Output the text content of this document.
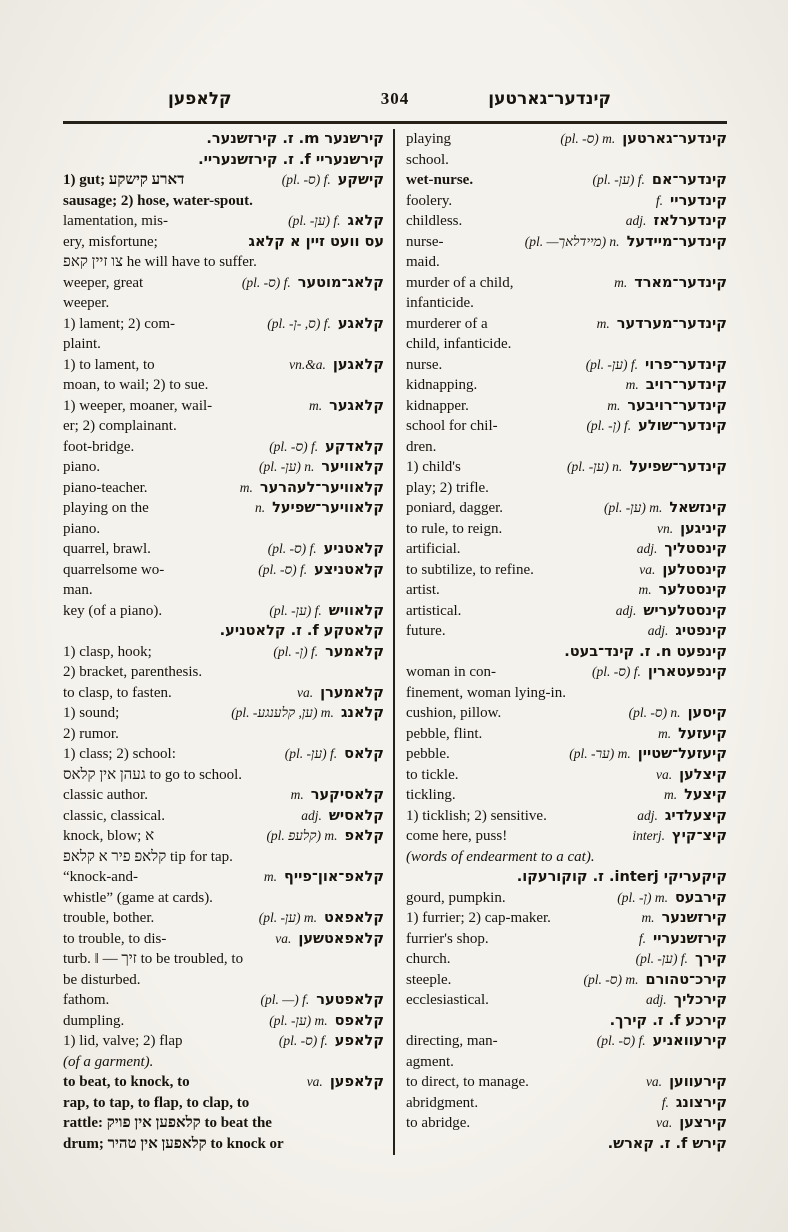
קלאפען	304	קינדער־גארטען
קירשנער m. ז. קירזשנער.
קירשנעריי f. ז. קירזשנעריי.
1) gut; דארע קישקע	(pl. -ס) f. קישקע
sausage; 2) hose, water-spout.
lamentation, mis-	(pl. -ען) f. קלאג
ery, misfortune;	עס וועט זיין א קלאג
צו זיין קאפ he will have to suffer.
weeper, great	(pl. -ס) f. קלאג־מוטער
weeper.
1) lament; 2) com-	(pl. -ס, -ן) f. קלאגע
plaint.
1) to lament, to	vn.&a. קלאגען
moan, to wail; 2) to sue.
1) weeper, moaner, wail-	m. קלאגער
er; 2) complainant.
foot-bridge.	(pl. -ס) f. קלאדקע
piano.	(pl. -ען) n. קלאוויער
piano-teacher.	m. קלאוויער־לעהרער
playing on the	n. קלאוויער־שפיעל
piano.
quarrel, brawl.	(pl. -ס) f. קלאטניע
quarrelsome wo-	(pl. -ס) f. קלאטניצע
man.
key (of a piano).	(pl. -ען) f. קלאוויש
קלאטקע f. ז. קלאטניע.
1) clasp, hook;	(pl. -ן) f. קלאמער
2) bracket, parenthesis.
to clasp, to fasten.	va. קלאמערן
1) sound;	(pl. -ען, קלענגע) m. קלאנג
2) rumor.
1) class; 2) school:	(pl. -ען) f. קלאס
געהן אין קלאס to go to school.
classic author.	m. קלאסיקער
classic, classical.	adj. קלאסיש
knock, blow; א	(pl. קלעפ) m. קלאפ
קלאפ פיר א קלאפ tip for tap.
“knock-and-	m. קלאפ־און־פייף
whistle” (game at cards).
trouble, bother.	(pl. -ען) m. קלאפאט
to trouble, to dis-	va. קלאפאטשען
turb. ‖ — זיך to be troubled, to
be disturbed.
fathom.	(pl. —) f. קלאפטער
dumpling.	(pl. -ען) m. קלאפס
1) lid, valve; 2) flap	(pl. -ס) f. קלאפע
(of a garment).
to beat, to knock, to	va. קלאפען
rap, to tap, to flap, to clap, to
rattle: קלאפען אין פויק to beat the
drum; קלאפען אין טהיר to knock or
playing	(pl. -ס) m. קינדער־גארטען
school.
wet-nurse.	(pl. -ען) f. קינדער־אם
foolery.	f. קינדעריי
childless.	adj. קינדערלאז
nurse-	(pl. —מיידלאך) n. קינדער־מיידעל
maid.
murder of a child,	m. קינדער־מארד
infanticide.
murderer of a	m. קינדער־מערדער
child, infanticide.
nurse.	(pl. -ען) f. קינדער־פרוי
kidnapping.	m. קינדער־רויב
kidnapper.	m. קינדער־רויבער
school for chil-	(pl. -ן) f. קינדער־שולע
dren.
1) child's	(pl. -ען) n. קינדער־שפיעל
play; 2) trifle.
poniard, dagger.	(pl. -ען) m. קינזשאל
to rule, to reign.	vn. קיניגען
artificial.	adj. קינסטליך
to subtilize, to refine.	va. קינסטלען
artist.	m. קינסטלער
artistical.	adj. קינסטלעריש
future.	adj. קינפטיג
קינפעט n. ז. קינד־בעט.
woman in con-	(pl. -ס) f. קינפעטארין
finement, woman lying-in.
cushion, pillow.	(pl. -ס) n. קיסען
pebble, flint.	m. קיעזעל
pebble.	(pl. -ער) m. קיעזעל־שטיין
to tickle.	va. קיצלען
tickling.	m. קיצעל
1) ticklish; 2) sensitive.	adj. קיצעלדיג
come here, puss!	interj. קיצ־קיץ
(words of endearment to a cat).
קיקעריקי interj. ז. קוקורעקו.
gourd, pumpkin.	(pl. -ן) m. קירבעס
1) furrier; 2) cap-maker.	m. קירזשנער
furrier's shop.	f. קירזשנעריי
church.	(pl. -ען) f. קירך
steeple.	(pl. -ס) m. קירכ־טהורם
ecclesiastical.	adj. קירכליך
קירכע f. ז. קירך.
directing, man-	(pl. -ס) f. קירעוואניע
agment.
to direct, to manage.	va. קירעווען
abridgment.	f. קירצונג
to abridge.	va. קירצען
קירש f. ז. קארש.
